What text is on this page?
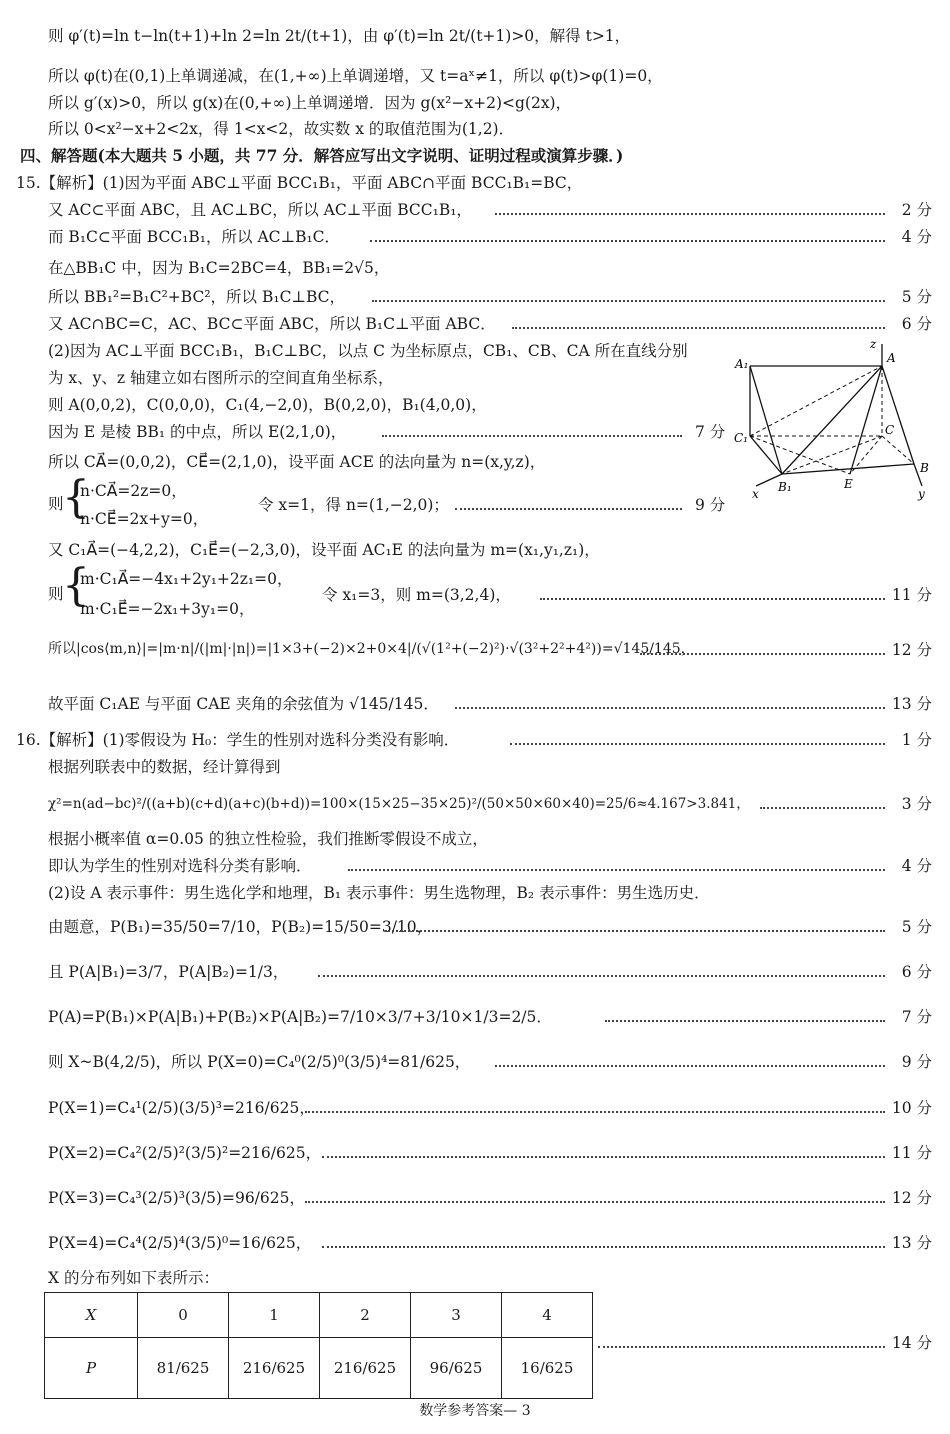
则 φ′(t)=ln t−ln(t+1)+ln 2=ln 2t/(t+1)，由 φ′(t)=ln 2t/(t+1)>0，解得 t>1，
所以 φ(t)在(0,1)上单调递减，在(1,+∞)上单调递增，又 t=aˣ≠1，所以 φ(t)>φ(1)=0，
所以 g′(x)>0，所以 g(x)在(0,+∞)上单调递增．因为 g(x²−x+2)<g(2x)，
所以 0<x²−x+2<2x，得 1<x<2，故实数 x 的取值范围为(1,2)．
四、解答题(本大题共 5 小题，共 77 分．解答应写出文字说明、证明过程或演算步骤．)
15.【解析】(1)因为平面 ABC⊥平面 BCC₁B₁，平面 ABC∩平面 BCC₁B₁=BC，
又 AC⊂平面 ABC，且 AC⊥BC，所以 AC⊥平面 BCC₁B₁，	2 分
而 B₁C⊂平面 BCC₁B₁，所以 AC⊥B₁C．	4 分
在△BB₁C 中，因为 B₁C=2BC=4，BB₁=2√5，
所以 BB₁²=B₁C²+BC²，所以 B₁C⊥BC，	5 分
又 AC∩BC=C，AC、BC⊂平面 ABC，所以 B₁C⊥平面 ABC．	6 分
(2)因为 AC⊥平面 BCC₁B₁，B₁C⊥BC，以点 C 为坐标原点，CB₁、CB、CA 所在直线分别
为 x、y、z 轴建立如右图所示的空间直角坐标系，
则 A(0,0,2)，C(0,0,0)，C₁(4,−2,0)，B(0,2,0)，B₁(4,0,0)，
因为 E 是棱 BB₁ 的中点，所以 E(2,1,0)，	7 分
所以 CA⃗=(0,0,2)，CE⃗=(2,1,0)，设平面 ACE 的法向量为 n=(x,y,z)，
{
则
n·CA⃗=2z=0，
n·CE⃗=2x+y=0，
令 x=1，得 n=(1,−2,0)；	9 分
又 C₁A⃗=(−4,2,2)，C₁E⃗=(−2,3,0)，设平面 AC₁E 的法向量为 m=(x₁,y₁,z₁)，
{
则
m·C₁A⃗=−4x₁+2y₁+2z₁=0，
m·C₁E⃗=−2x₁+3y₁=0，
令 x₁=3，则 m=(3,2,4)，	11 分
所以|cos⟨m,n⟩|=|m·n|/(|m|·|n|)=|1×3+(−2)×2+0×4|/(√(1²+(−2)²)·√(3²+2²+4²))=√145/145，	12 分
故平面 C₁AE 与平面 CAE 夹角的余弦值为 √145/145．	13 分
16.【解析】(1)零假设为 H₀：学生的性别对选科分类没有影响．	1 分
根据列联表中的数据，经计算得到
χ²=n(ad−bc)²/((a+b)(c+d)(a+c)(b+d))=100×(15×25−35×25)²/(50×50×60×40)=25/6≈4.167>3.841，	3 分
根据小概率值 α=0.05 的独立性检验，我们推断零假设不成立，
即认为学生的性别对选科分类有影响．	4 分
(2)设 A 表示事件：男生选化学和地理，B₁ 表示事件：男生选物理，B₂ 表示事件：男生选历史．
由题意，P(B₁)=35/50=7/10，P(B₂)=15/50=3/10，	5 分
且 P(A|B₁)=3/7，P(A|B₂)=1/3，	6 分
P(A)=P(B₁)×P(A|B₁)+P(B₂)×P(A|B₂)=7/10×3/7+3/10×1/3=2/5．	7 分
则 X~B(4,2/5)，所以 P(X=0)=C₄⁰(2/5)⁰(3/5)⁴=81/625，	9 分
P(X=1)=C₄¹(2/5)(3/5)³=216/625，	10 分
P(X=2)=C₄²(2/5)²(3/5)²=216/625，	11 分
P(X=3)=C₄³(2/5)³(3/5)=96/625，	12 分
P(X=4)=C₄⁴(2/5)⁴(3/5)⁰=16/625，	13 分
X 的分布列如下表所示：
X	0	1	2	3	4
P	81/625	216/625	216/625	96/625	16/625
14 分
z
A₁	A
C₁
C
B
x B₁	E
y
数学参考答案— 3
